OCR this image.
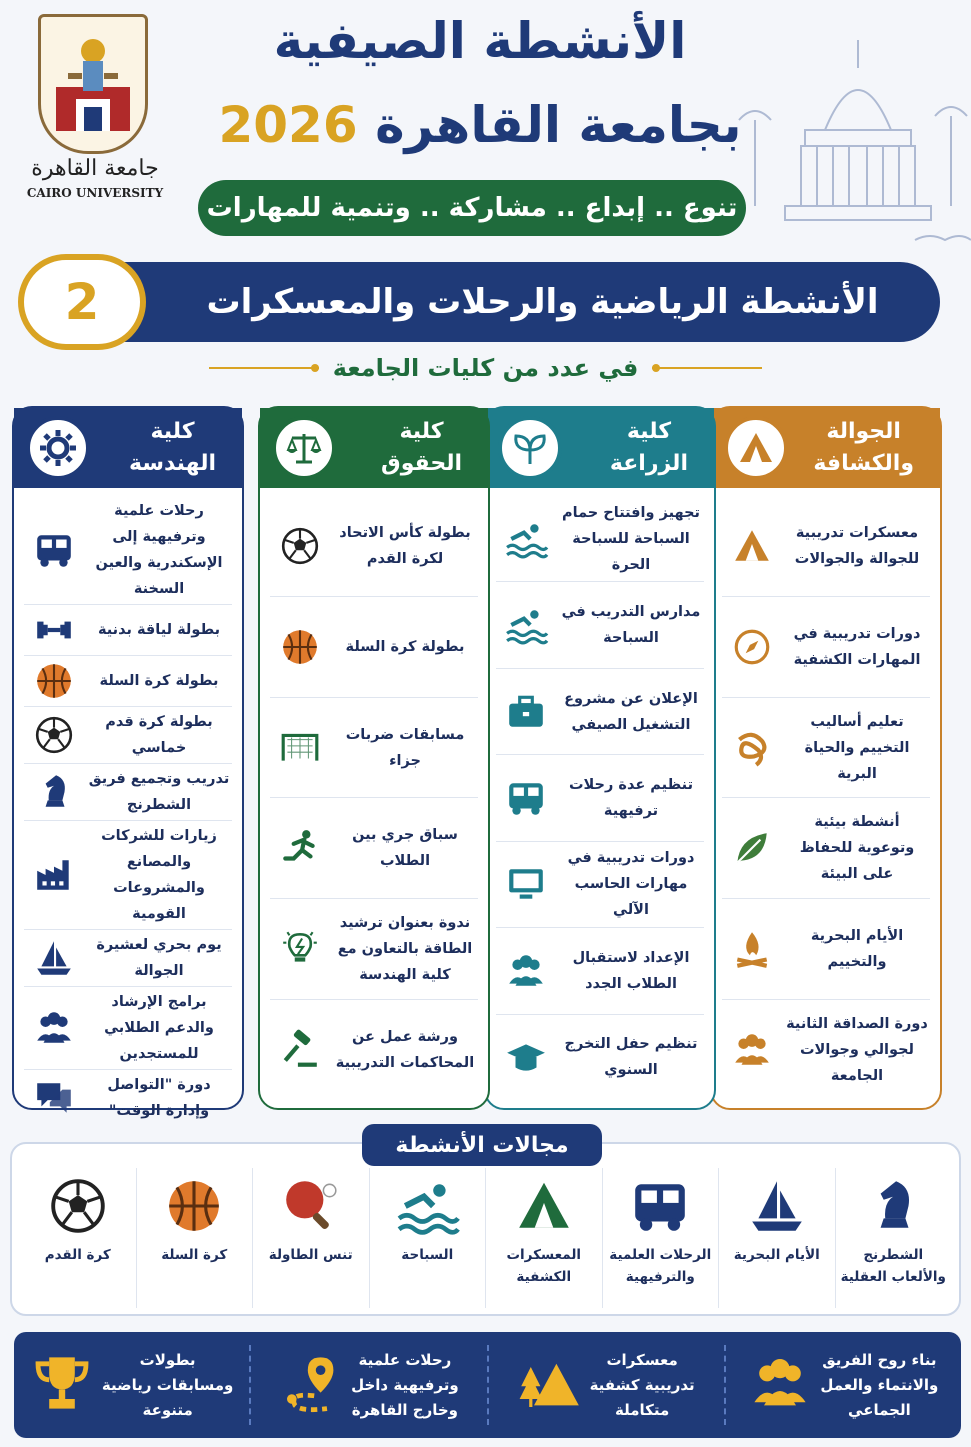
جامعة القاهرة
CAIRO UNIVERSITY
الأنشطة الصيفية
بجامعة القاهرة 2026
تنوع .. إبداع .. مشاركة .. وتنمية للمهارات
الأنشطة الرياضية والرحلات والمعسكرات
2
في عدد من كليات الجامعة
الجوالة
والكشافة
معسكرات تدريبية للجوالة والجوالات
دورات تدريبية في المهارات الكشفية
تعليم أساليب التخييم والحياة البرية
أنشطة بيئية وتوعوية للحفاظ على البيئة
الأيام البحرية والتخييم
دورة الصداقة الثانية لجوالي وجوالات الجامعة
كلية
الزراعة
تجهيز وافتتاح حمام السباحة للسباحة الحرة
مدارس التدريب في السباحة
الإعلان عن مشروع التشغيل الصيفي
تنظيم عدة رحلات ترفيهية
دورات تدريبية في مهارات الحاسب الآلي
الإعداد لاستقبال الطلاب الجدد
تنظيم حفل التخرج السنوي
كلية
الحقوق
بطولة كأس الاتحاد لكرة القدم
بطولة كرة السلة
مسابقات ضربات جزاء
سباق جري بين الطلاب
ندوة بعنوان ترشيد الطاقة بالتعاون مع كلية الهندسة
ورشة عمل عن المحاكمات التدريبية
كلية
الهندسة
رحلات علمية وترفيهية إلى الإسكندرية والعين السخنة
بطولة لياقة بدنية
بطولة كرة السلة
بطولة كرة قدم خماسي
تدريب وتجميع فريق الشطرنج
زيارات للشركات والمصانع والمشروعات القومية
يوم بحري لعشيرة الجوالة
برامج الإرشاد والدعم الطلابي للمستجدين
دورة "التواصل وإدارة الوقت"
مجالات الأنشطة
الشطرنج
والألعاب العقلية
الأيام البحرية
الرحلات العلمية
والترفيهية
المعسكرات
الكشفية
السباحة
تنس الطاولة
كرة السلة
كرة القدم
بناء روح الفريق
والانتماء والعمل
الجماعي
معسكرات
تدريبية كشفية
متكاملة
رحلات علمية
وترفيهية داخل
وخارج القاهرة
بطولات
ومسابقات رياضية
متنوعة
